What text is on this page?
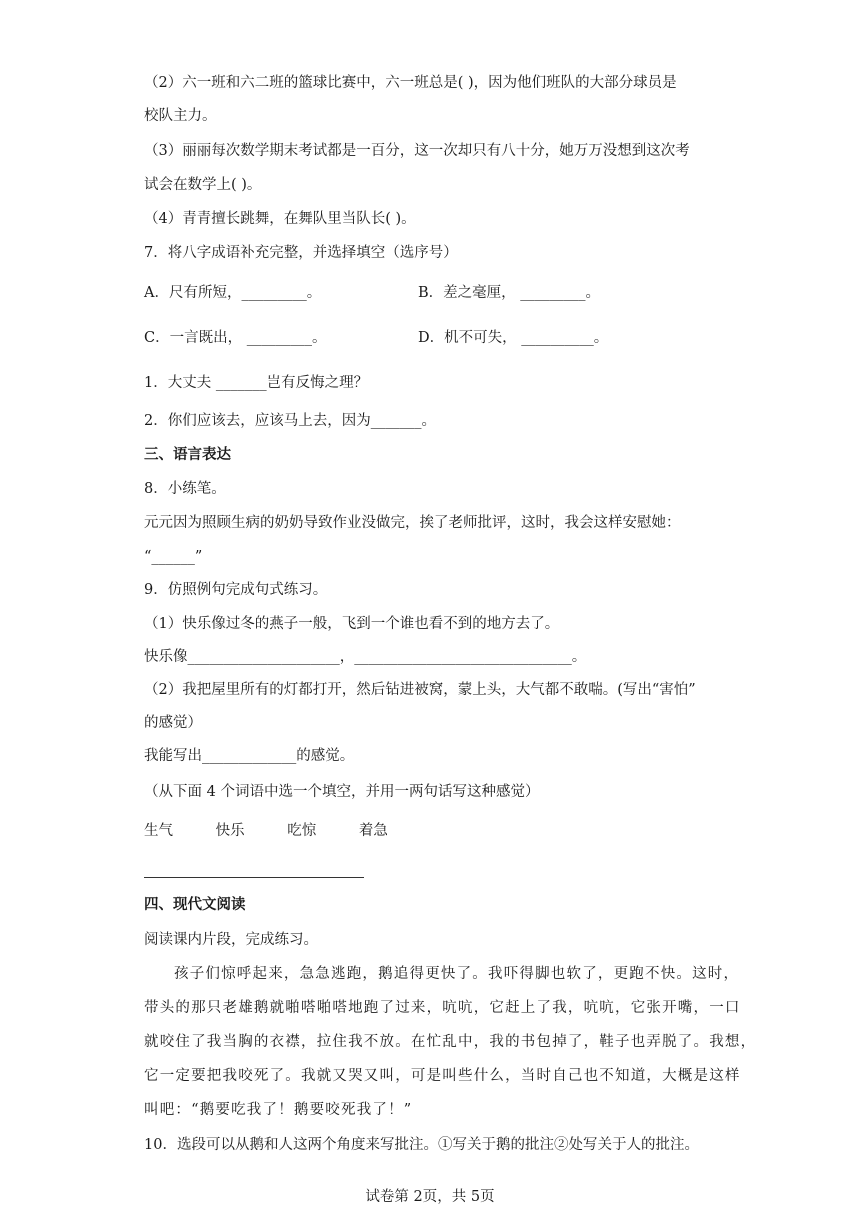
（2）六一班和六二班的篮球比赛中，六一班总是( )，因为他们班队的大部分球员是
校队主力。
（3）丽丽每次数学期末考试都是一百分，这一次却只有八十分，她万万没想到这次考
试会在数学上( )。
（4）青青擅长跳舞，在舞队里当队长( )。
7．将八字成语补充完整，并选择填空（选序号）
A．尺有所短，_________。	B．差之毫厘， _________。
C．一言既出， _________。	D．机不可失， __________。
1．大丈夫 _______岂有反悔之理？
2．你们应该去，应该马上去，因为_______。
三、语言表达
8．小练笔。
元元因为照顾生病的奶奶导致作业没做完，挨了老师批评，这时，我会这样安慰她：
“______”
9．仿照例句完成句式练习。
（1）快乐像过冬的燕子一般，飞到一个谁也看不到的地方去了。
快乐像_____________________，______________________________。
（2）我把屋里所有的灯都打开，然后钻进被窝，蒙上头，大气都不敢喘。(写出“害怕”
的感觉）
我能写出_____________的感觉。
（从下面 4 个词语中选一个填空，并用一两句话写这种感觉）
生气	快乐	吃惊	着急
四、现代文阅读
阅读课内片段，完成练习。
孩子们惊呼起来，急急逃跑，鹅追得更快了。我吓得脚也软了，更跑不快。这时，
带头的那只老雄鹅就啪嗒啪嗒地跑了过来，吭吭，它赶上了我，吭吭，它张开嘴，一口
就咬住了我当胸的衣襟，拉住我不放。在忙乱中，我的书包掉了，鞋子也弄脱了。我想，
它一定要把我咬死了。我就又哭又叫，可是叫些什么，当时自己也不知道，大概是这样
叫吧：“鹅要吃我了！鹅要咬死我了！”
10．选段可以从鹅和人这两个角度来写批注。①写关于鹅的批注②处写关于人的批注。
试卷第 2页，共 5页
